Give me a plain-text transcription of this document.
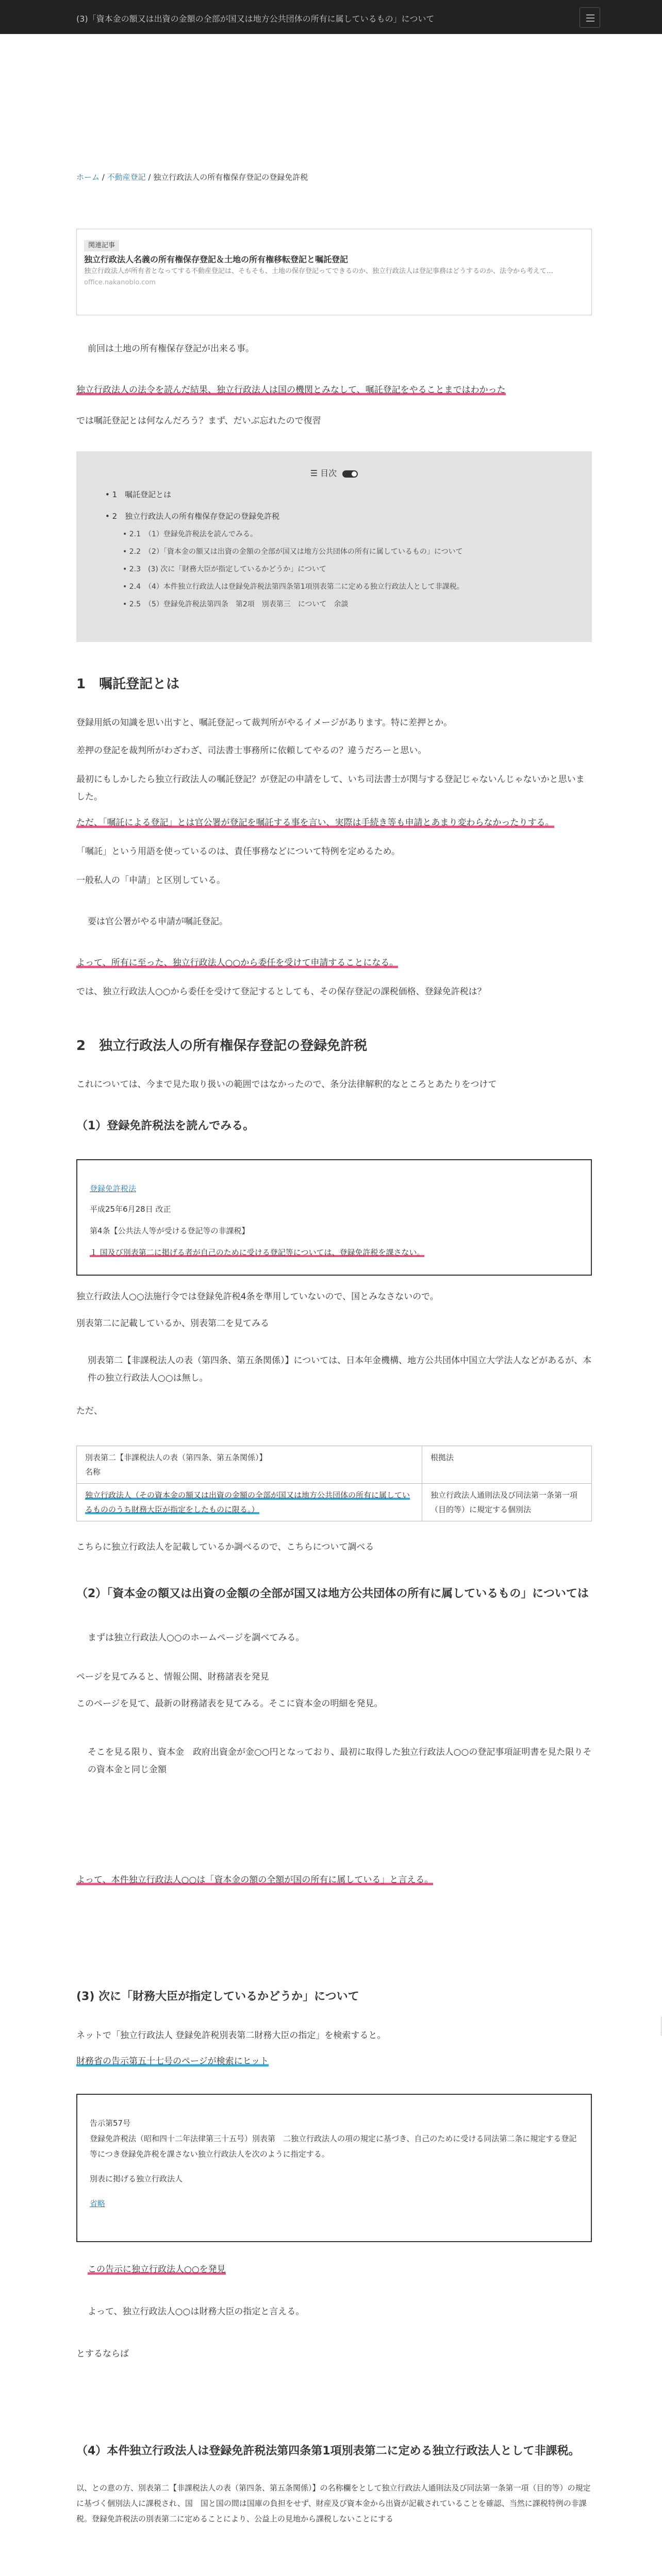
(3)「資本金の額又は出資の金額の全部が国又は地方公共団体の所有に属しているもの」について
ホーム / 不動産登記 / 独立行政法人の所有権保存登記の登録免許税
関連記事
独立行政法人名義の所有権保存登記＆土地の所有権移転登記と嘱託登記
独立行政法人が所有者となってする不動産登記は、そもそも、土地の保存登記ってできるのか、独立行政法人は登記事務はどうするのか、法令から考えて…
office.nakanoblo.com
前回は土地の所有権保存登記が出来る事。
独立行政法人の法令を読んだ結果、独立行政法人は国の機関とみなして、嘱託登記をやることまではわかった
では嘱託登記とは何なんだろう？まず、だいぶ忘れたので復習
☰ 目次
• 1　嘱託登記とは
• 2　独立行政法人の所有権保存登記の登録免許税
• 2.1　（1）登録免許税法を読んでみる。
• 2.2　（2）「資本金の額又は出資の金額の全部が国又は地方公共団体の所有に属しているもの」について
• 2.3　(3) 次に「財務大臣が指定しているかどうか」について
• 2.4　（4）本件独立行政法人は登録免許税法第四条第1項別表第二に定める独立行政法人として非課税。
• 2.5　（5）登録免許税法第四条　第2項　別表第三　について　余談
1　嘱託登記とは
登録用紙の知識を思い出すと、嘱託登記って裁判所がやるイメージがあります。特に差押とか。
差押の登記を裁判所がわざわざ、司法書士事務所に依頼してやるの？違うだろーと思い。
最初にもしかしたら独立行政法人の嘱託登記？が登記の申請をして、いち司法書士が関与する登記じゃないんじゃないかと思いました。
ただ、「嘱託による登記」とは官公署が登記を嘱託する事を言い、実際は手続き等も申請とあまり変わらなかったりする。
「嘱託」という用語を使っているのは、責任事務などについて特例を定めるため。
一般私人の「申請」と区別している。
要は官公署がやる申請が嘱託登記。
よって、所有に至った、独立行政法人○○から委任を受けて申請することになる。
では、独立行政法人○○から委任を受けて登記するとしても、その保存登記の課税価格、登録免許税は？
2　独立行政法人の所有権保存登記の登録免許税
これについては、今まで見た取り扱いの範囲ではなかったので、条分法律解釈的なところとあたりをつけて
（1）登録免許税法を読んでみる。
登録免許税法
平成25年6月28日 改正
第4条【公共法人等が受ける登記等の非課税】
１ 国及び別表第二に掲げる者が自己のために受ける登記等については、登録免許税を課さない。
独立行政法人○○法施行令では登録免許税4条を準用していないので、国とみなさないので。
別表第二に記載しているか、別表第二を見てみる
別表第二【非課税法人の表（第四条、第五条関係）】については、日本年金機構、地方公共団体中国立大学法人などがあるが、本件の独立行政法人○○は無し。
ただ、
別表第二【非課税法人の表（第四条、第五条関係）】
名称	根拠法
独立行政法人（その資本金の額又は出資の金額の全部が国又は地方公共団体の所有に属しているもののうち財務大臣が指定をしたものに限る。）	独立行政法人通則法及び同法第一条第一項（目的等）に規定する個別法
こちらに独立行政法人を記載しているか調べるので、こちらについて調べる
（2）「資本金の額又は出資の金額の全部が国又は地方公共団体の所有に属しているもの」については
まずは独立行政法人○○のホームページを調べてみる。
ページを見てみると、情報公開、財務諸表を発見
このページを見て、最新の財務諸表を見てみる。そこに資本金の明細を発見。
そこを見る限り、資本金　政府出資金が金○○円となっており、最初に取得した独立行政法人○○の登記事項証明書を見た限りその資本金と同じ金額
よって、本件独立行政法人○○は「資本金の額の全額が国の所有に属している」と言える。
(3) 次に「財務大臣が指定しているかどうか」について
ネットで「独立行政法人 登録免許税別表第二財務大臣の指定」を検索すると。
財務省の告示第五十七号のページが検索にヒット
告示第57号
登録免許税法（昭和四十二年法律第三十五号）別表第　二独立行政法人の項の規定に基づき、自己のために受ける同法第二条に規定する登記等につき登録免許税を課さない独立行政法人を次のように指定する。
別表に掲げる独立行政法人
省略
この告示に独立行政法人○○を発見
よって、独立行政法人○○は財務大臣の指定と言える。
とするならば
（4）本件独立行政法人は登録免許税法第四条第1項別表第二に定める独立行政法人として非課税。
以、との意の方、別表第二【非課税法人の表（第四条、第五条関係）】の名称欄をとして独立行政法人通則法及び同法第一条第一項（目的等）の規定に基づく個別法人に課税され、国　国と国の間は国庫の負担をせず、財産及び資本金から出資が記載されていることを確認、当然に課税特例の非課税。登録免許税法の別表第二に定めることにより、公益上の見地から課税しないことにする
